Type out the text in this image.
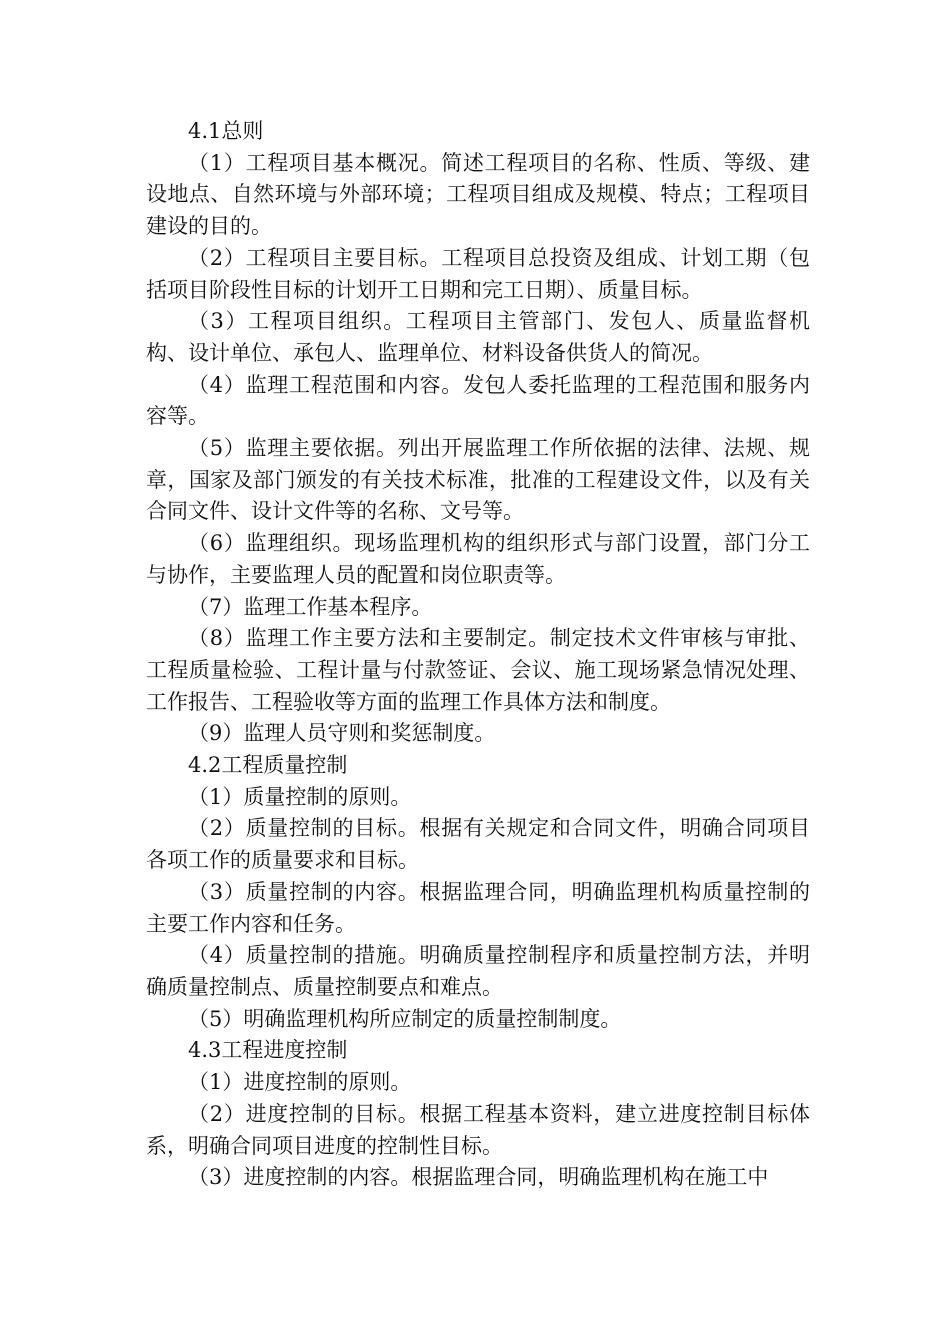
4.1总则

（1）工程项目基本概况。简述工程项目的名称、性质、等级、建设地点、自然环境与外部环境；工程项目组成及规模、特点；工程项目建设的目的。

（2）工程项目主要目标。工程项目总投资及组成、计划工期（包括项目阶段性目标的计划开工日期和完工日期）、质量目标。

（3）工程项目组织。工程项目主管部门、发包人、质量监督机构、设计单位、承包人、监理单位、材料设备供货人的简况。

（4）监理工程范围和内容。发包人委托监理的工程范围和服务内容等。

（5）监理主要依据。列出开展监理工作所依据的法律、法规、规章，国家及部门颁发的有关技术标准，批准的工程建设文件，以及有关合同文件、设计文件等的名称、文号等。

（6）监理组织。现场监理机构的组织形式与部门设置，部门分工与协作，主要监理人员的配置和岗位职责等。

（7）监理工作基本程序。

（8）监理工作主要方法和主要制定。制定技术文件审核与审批、工程质量检验、工程计量与付款签证、会议、施工现场紧急情况处理、工作报告、工程验收等方面的监理工作具体方法和制度。

（9）监理人员守则和奖惩制度。

4.2工程质量控制

（1）质量控制的原则。

（2）质量控制的目标。根据有关规定和合同文件，明确合同项目各项工作的质量要求和目标。

（3）质量控制的内容。根据监理合同，明确监理机构质量控制的主要工作内容和任务。

（4）质量控制的措施。明确质量控制程序和质量控制方法，并明确质量控制点、质量控制要点和难点。

（5）明确监理机构所应制定的质量控制制度。

4.3工程进度控制

（1）进度控制的原则。

（2）进度控制的目标。根据工程基本资料，建立进度控制目标体系，明确合同项目进度的控制性目标。

（3）进度控制的内容。根据监理合同，明确监理机构在施工中
